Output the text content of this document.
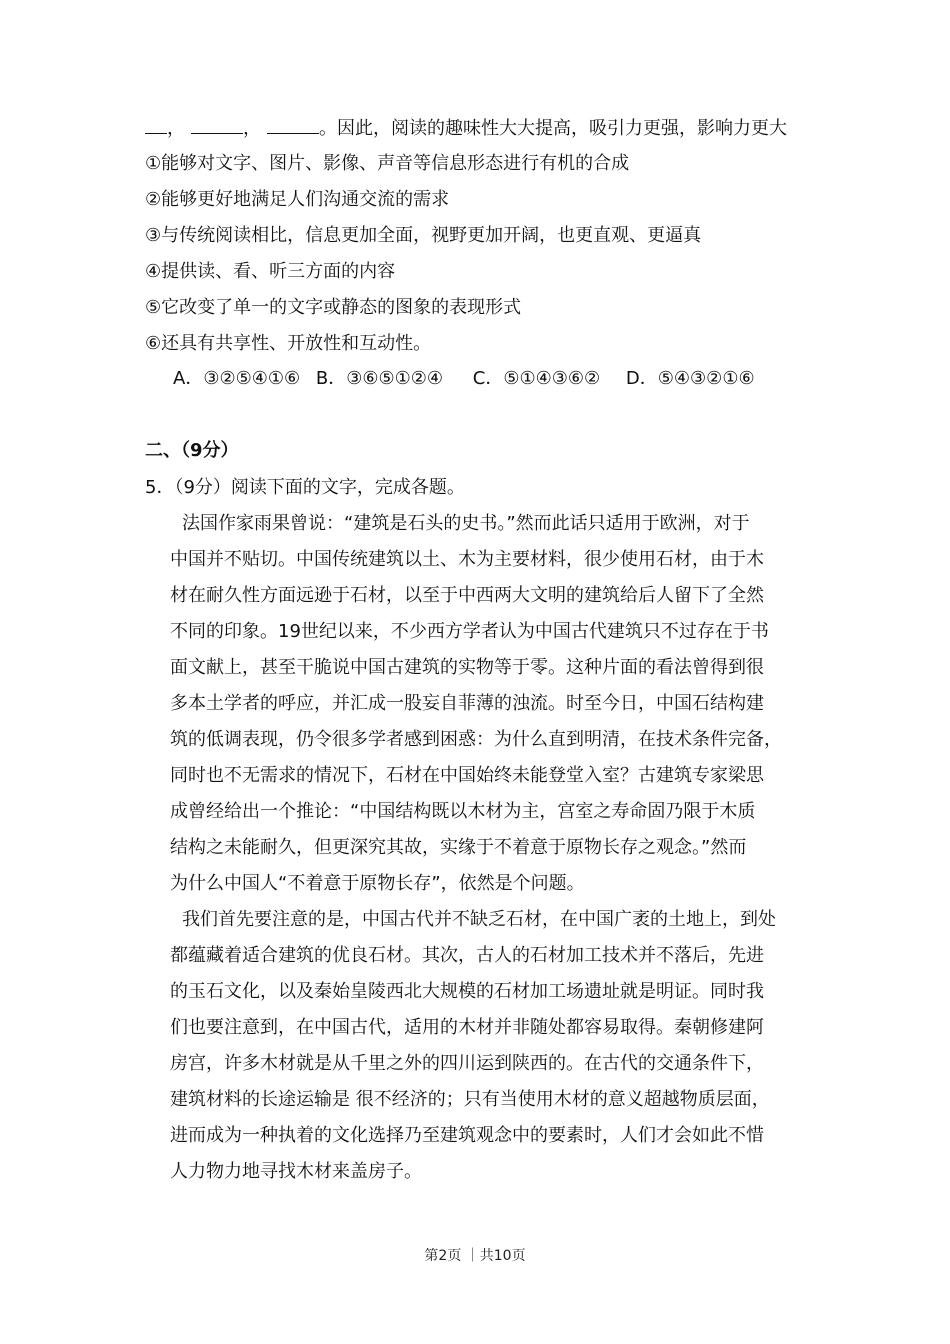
，	，	。因此，阅读的趣味性大大提高，吸引力更强，影响力更大
①能够对文字、图片、影像、声音等信息形态进行有机的合成
②能够更好地满足人们沟通交流的需求
③与传统阅读相比，信息更加全面，视野更加开阔，也更直观、更逼真
④提供读、看、听三方面的内容
⑤它改变了单一的文字或静态的图象的表现形式
⑥还具有共享性、开放性和互动性。
A．③②⑤④①⑥ B．③⑥⑤①②④ C．⑤①④③⑥② D．⑤④③②①⑥
二、（9分）
5．（9分）阅读下面的文字，完成各题。
法国作家雨果曾说：“建筑是石头的史书。”然而此话只适用于欧洲，对于
中国并不贴切。中国传统建筑以土、木为主要材料，很少使用石材，由于木
材在耐久性方面远逊于石材，以至于中西两大文明的建筑给后人留下了全然
不同的印象。19世纪以来，不少西方学者认为中国古代建筑只不过存在于书
面文献上，甚至干脆说中国古建筑的实物等于零。这种片面的看法曾得到很
多本土学者的呼应，并汇成一股妄自菲薄的浊流。时至今日，中国石结构建
筑的低调表现，仍令很多学者感到困惑：为什么直到明清，在技术条件完备，
同时也不无需求的情况下，石材在中国始终未能登堂入室？古建筑专家梁思
成曾经给出一个推论：“中国结构既以木材为主，宫室之寿命固乃限于木质
结构之未能耐久，但更深究其故，实缘于不着意于原物长存之观念。”然而
为什么中国人“不着意于原物长存”，依然是个问题。
我们首先要注意的是，中国古代并不缺乏石材，在中国广袤的土地上，到处
都蕴藏着适合建筑的优良石材。其次，古人的石材加工技术并不落后，先进
的玉石文化，以及秦始皇陵西北大规模的石材加工场遗址就是明证。同时我
们也要注意到，在中国古代，适用的木材并非随处都容易取得。秦朝修建阿
房宫，许多木材就是从千里之外的四川运到陕西的。在古代的交通条件下，
建筑材料的长途运输是 很不经济的；只有当使用木材的意义超越物质层面，
进而成为一种执着的文化选择乃至建筑观念中的要素时，人们才会如此不惜
人力物力地寻找木材来盖房子。
第2页 ｜共10页
